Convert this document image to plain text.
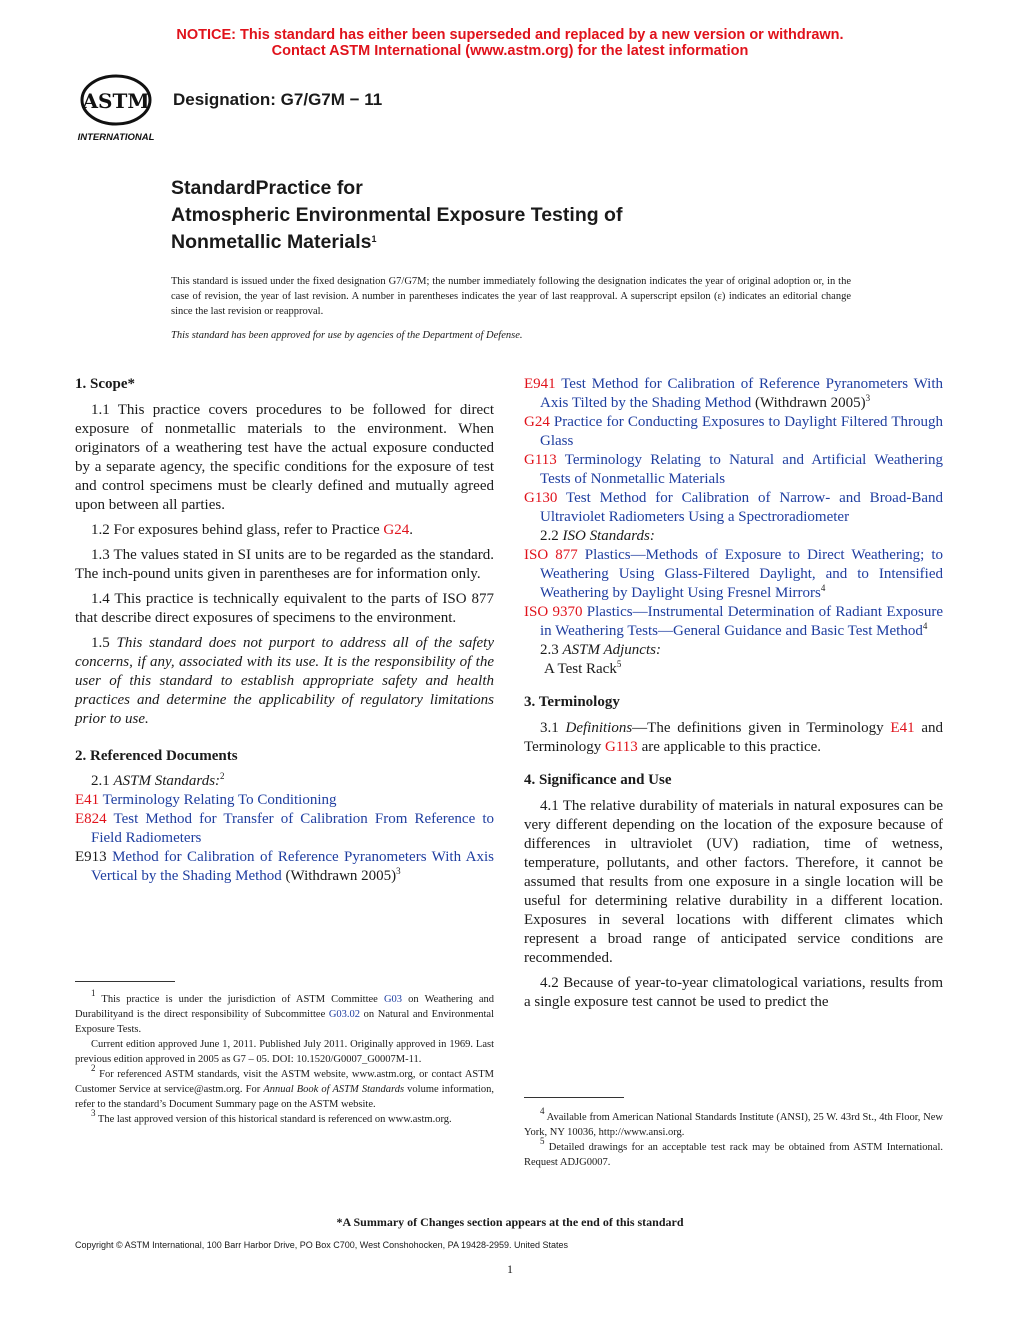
NOTICE: This standard has either been superseded and replaced by a new version or withdrawn.
Contact ASTM International (www.astm.org) for the latest information
ASTM
INTERNATIONAL
Designation: G7/G7M − 11
StandardPractice for
Atmospheric Environmental Exposure Testing of
Nonmetallic Materials$^1$
This standard is issued under the fixed designation G7/G7M; the number immediately following the designation indicates the year of original adoption or, in the case of revision, the year of last revision. A number in parentheses indicates the year of last reapproval. A superscript epsilon (ε) indicates an editorial change since the last revision or reapproval.
This standard has been approved for use by agencies of the Department of Defense.

1. Scope*

1.1 This practice covers procedures to be followed for direct exposure of nonmetallic materials to the environment. When originators of a weathering test have the actual exposure conducted by a separate agency, the specific conditions for the exposure of test and control specimens must be clearly defined and mutually agreed upon between all parties.

1.2 For exposures behind glass, refer to Practice G24.

1.3 The values stated in SI units are to be regarded as the standard. The inch-pound units given in parentheses are for information only.

1.4 This practice is technically equivalent to the parts of ISO 877 that describe direct exposures of specimens to the environment.

1.5 This standard does not purport to address all of the safety concerns, if any, associated with its use. It is the responsibility of the user of this standard to establish appropriate safety and health practices and determine the applicability of regulatory limitations prior to use.

2. Referenced Documents

2.1 ASTM Standards:$^2$

E41 Terminology Relating To Conditioning

E824 Test Method for Transfer of Calibration From Reference to Field Radiometers

E913 Method for Calibration of Reference Pyranometers With Axis Vertical by the Shading Method (Withdrawn 2005)$^3$

E941 Test Method for Calibration of Reference Pyranometers With Axis Tilted by the Shading Method (Withdrawn 2005)$^3$

G24 Practice for Conducting Exposures to Daylight Filtered Through Glass

G113 Terminology Relating to Natural and Artificial Weathering Tests of Nonmetallic Materials

G130 Test Method for Calibration of Narrow- and Broad-Band Ultraviolet Radiometers Using a Spectroradiometer

2.2 ISO Standards:

ISO 877 Plastics—Methods of Exposure to Direct Weathering; to Weathering Using Glass-Filtered Daylight, and to Intensified Weathering by Daylight Using Fresnel Mirrors$^4$

ISO 9370 Plastics—Instrumental Determination of Radiant Exposure in Weathering Tests—General Guidance and Basic Test Method$^4$

2.3 ASTM Adjuncts:

A Test Rack$^5$

3. Terminology

3.1 Definitions—The definitions given in Terminology E41 and Terminology G113 are applicable to this practice.

4. Significance and Use

4.1 The relative durability of materials in natural exposures can be very different depending on the location of the exposure because of differences in ultraviolet (UV) radiation, time of wetness, temperature, pollutants, and other factors. Therefore, it cannot be assumed that results from one exposure in a single location will be useful for determining relative durability in a different location. Exposures in several locations with different climates which represent a broad range of anticipated service conditions are recommended.

4.2 Because of year-to-year climatological variations, results from a single exposure test cannot be used to predict the

$^1$ This practice is under the jurisdiction of ASTM Committee G03 on Weathering and Durabilityand is the direct responsibility of Subcommittee G03.02 on Natural and Environmental Exposure Tests.

Current edition approved June 1, 2011. Published July 2011. Originally approved in 1969. Last previous edition approved in 2005 as G7 – 05. DOI: 10.1520/G0007_G0007M-11.

$^2$ For referenced ASTM standards, visit the ASTM website, www.astm.org, or contact ASTM Customer Service at service@astm.org. For Annual Book of ASTM Standards volume information, refer to the standard’s Document Summary page on the ASTM website.

$^3$ The last approved version of this historical standard is referenced on www.astm.org.

$^4$ Available from American National Standards Institute (ANSI), 25 W. 43rd St., 4th Floor, New York, NY 10036, http://www.ansi.org.

$^5$ Detailed drawings for an acceptable test rack may be obtained from ASTM International. Request ADJG0007.

*A Summary of Changes section appears at the end of this standard
Copyright © ASTM International, 100 Barr Harbor Drive, PO Box C700, West Conshohocken, PA 19428-2959. United States
1
